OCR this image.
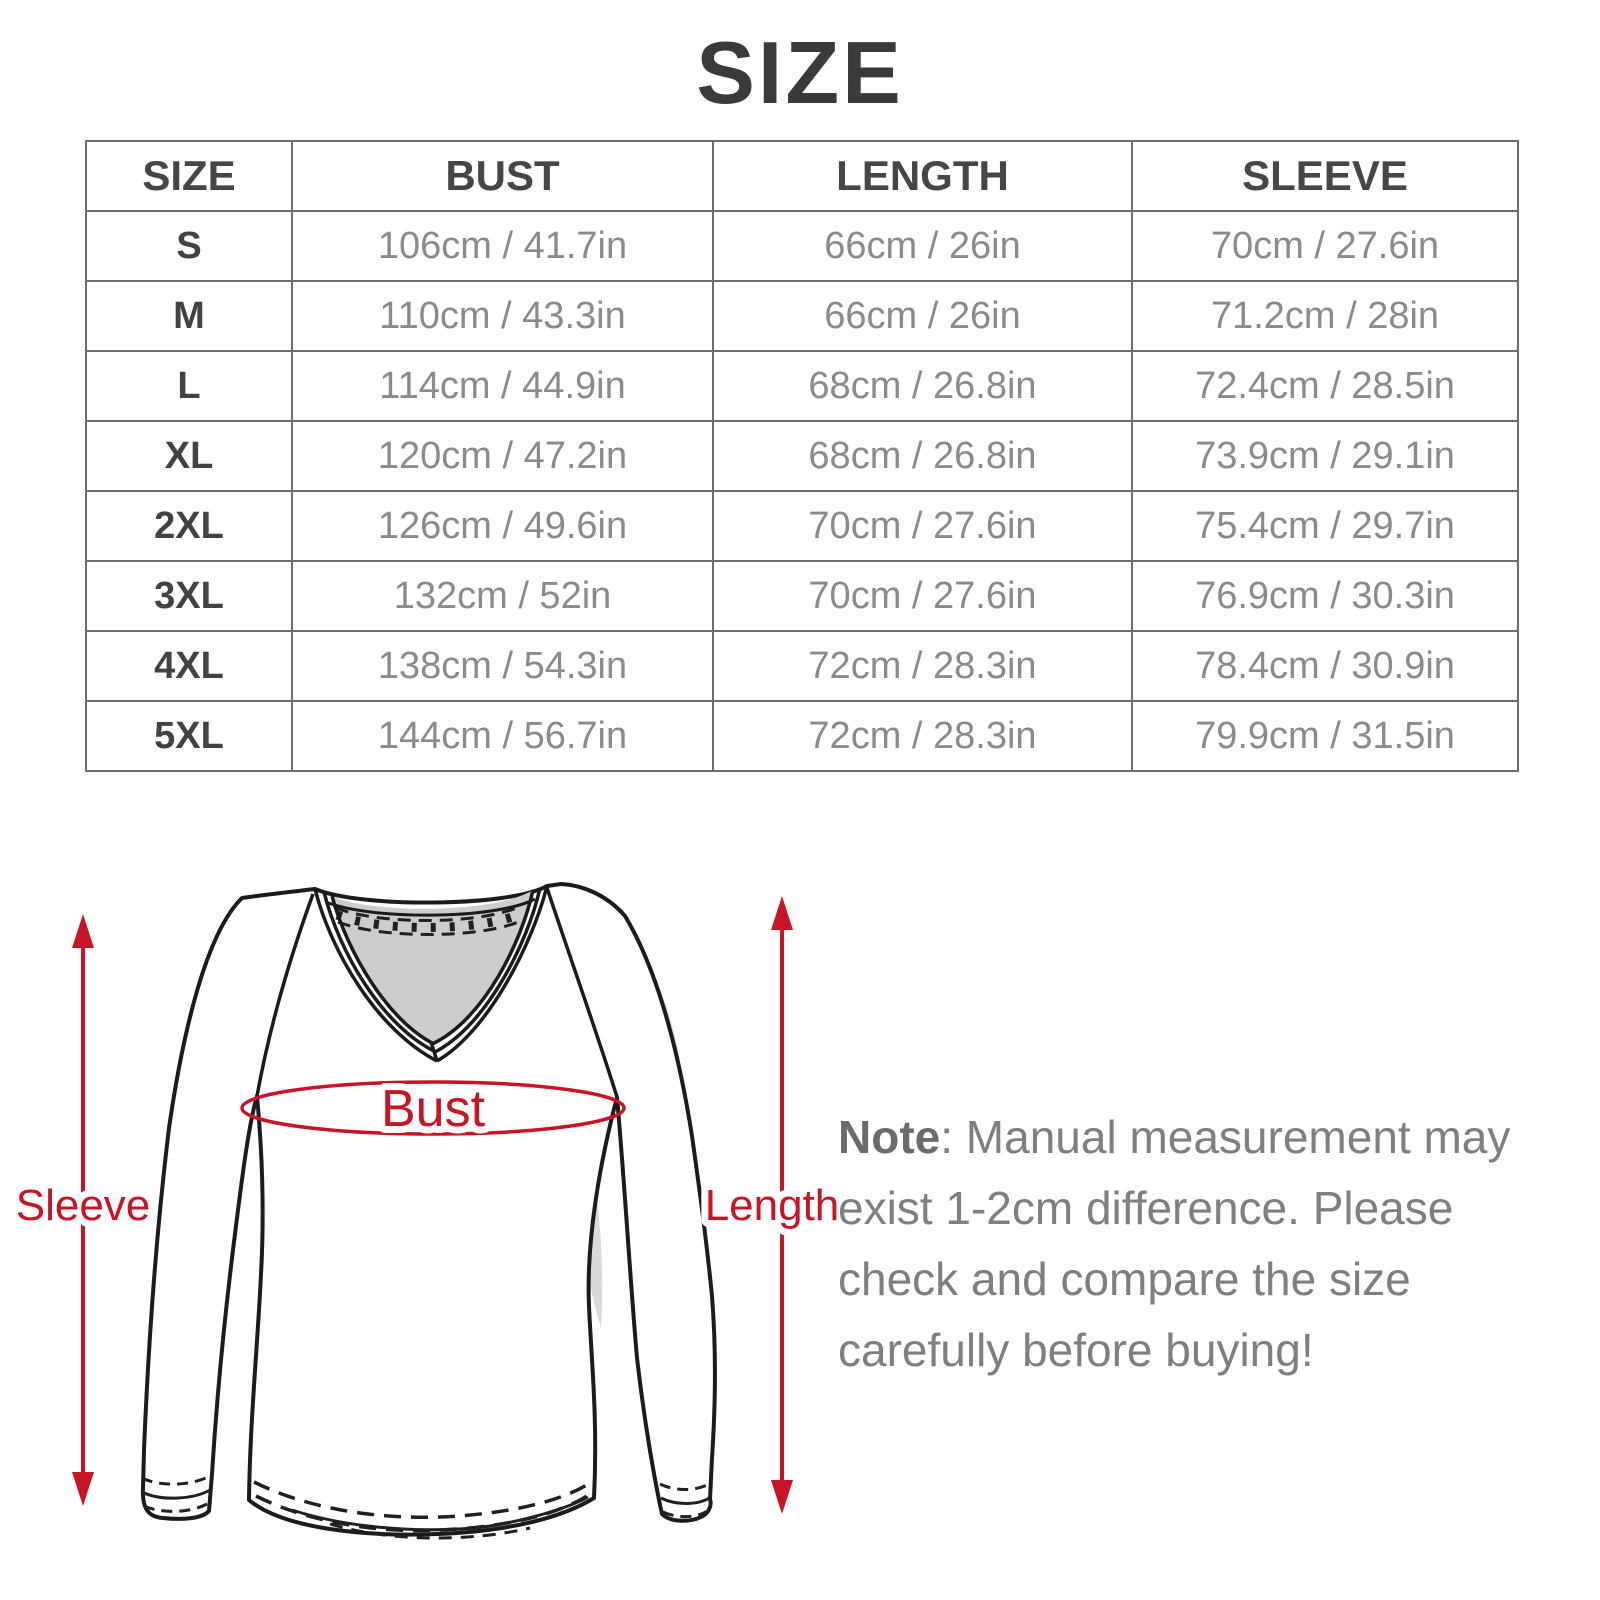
SIZE
SIZE	BUST	LENGTH	SLEEVE
S	106cm / 41.7in	66cm / 26in	70cm / 27.6in
M	110cm / 43.3in	66cm / 26in	71.2cm / 28in
L	114cm / 44.9in	68cm / 26.8in	72.4cm / 28.5in
XL	120cm / 47.2in	68cm / 26.8in	73.9cm / 29.1in
2XL	126cm / 49.6in	70cm / 27.6in	75.4cm / 29.7in
3XL	132cm / 52in	70cm / 27.6in	76.9cm / 30.3in
4XL	138cm / 54.3in	72cm / 28.3in	78.4cm / 30.9in
5XL	144cm / 56.7in	72cm / 28.3in	79.9cm / 31.5in
Bust
Sleeve	Length

Note: Manual measurement may exist 1-2cm difference. Please check and compare the size carefully before buying!
